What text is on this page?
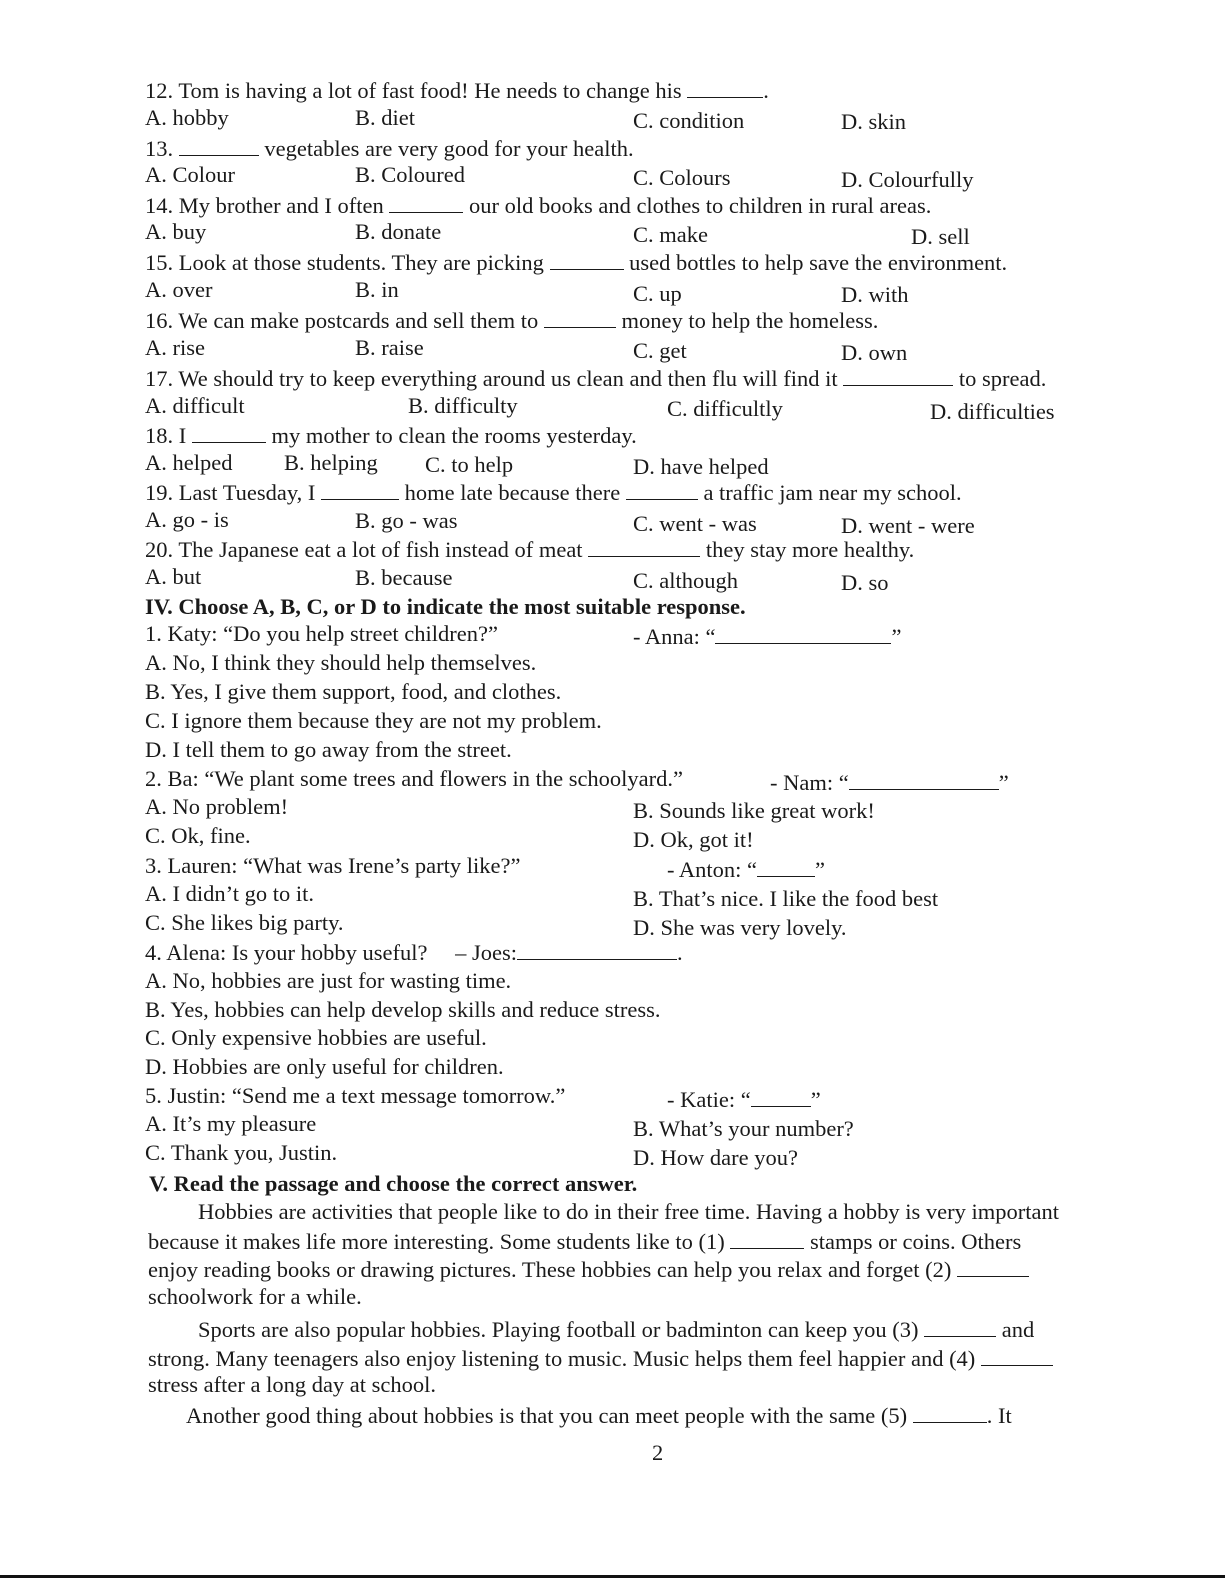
12. Tom is having a lot of fast food! He needs to change his	.
A. hobby	B. diet	C. condition	D. skin
13.	vegetables are very good for your health.
A. Colour	B. Coloured	C. Colours	D. Colourfully
14. My brother and I often	our old books and clothes to children in rural areas.
A. buy	B. donate	C. make	D. sell
15. Look at those students. They are picking	used bottles to help save the environment.
A. over	B. in	C. up	D. with
16. We can make postcards and sell them to	money to help the homeless.
A. rise	B. raise	C. get	D. own
17. We should try to keep everything around us clean and then flu will find it	to spread.
A. difficult	B. difficulty	C. difficultly	D. difficulties
18. I	my mother to clean the rooms yesterday.
A. helped B. helping C. to help	D. have helped
19. Last Tuesday, I	home late because there	a traffic jam near my school.
A. go - is	B. go - was	C. went - was	D. went - were
20. The Japanese eat a lot of fish instead of meat	they stay more healthy.
A. but	B. because	C. although	D. so
IV. Choose A, B, C, or D to indicate the most suitable response.
1. Katy: “Do you help street children?”	- Anna: “	”
A. No, I think they should help themselves.
B. Yes, I give them support, food, and clothes.
C. I ignore them because they are not my problem.
D. I tell them to go away from the street.
2. Ba: “We plant some trees and flowers in the schoolyard.”	- Nam: “	”
A. No problem!	B. Sounds like great work!
C. Ok, fine.	D. Ok, got it!
3. Lauren: “What was Irene’s party like?”	- Anton: “	”
A. I didn’t go to it.	B. That’s nice. I like the food best
C. She likes big party.	D. She was very lovely.
4. Alena: Is your hobby useful? – Joes:	.
A. No, hobbies are just for wasting time.
B. Yes, hobbies can help develop skills and reduce stress.
C. Only expensive hobbies are useful.
D. Hobbies are only useful for children.
5. Justin: “Send me a text message tomorrow.”	- Katie: “	”
A. It’s my pleasure	B. What’s your number?
C. Thank you, Justin.	D. How dare you?
V. Read the passage and choose the correct answer.
Hobbies are activities that people like to do in their free time. Having a hobby is very important
because it makes life more interesting. Some students like to (1)	stamps or coins. Others
enjoy reading books or drawing pictures. These hobbies can help you relax and forget (2)
schoolwork for a while.
Sports are also popular hobbies. Playing football or badminton can keep you (3)	and
strong. Many teenagers also enjoy listening to music. Music helps them feel happier and (4)
stress after a long day at school.
Another good thing about hobbies is that you can meet people with the same (5)	. It
2
